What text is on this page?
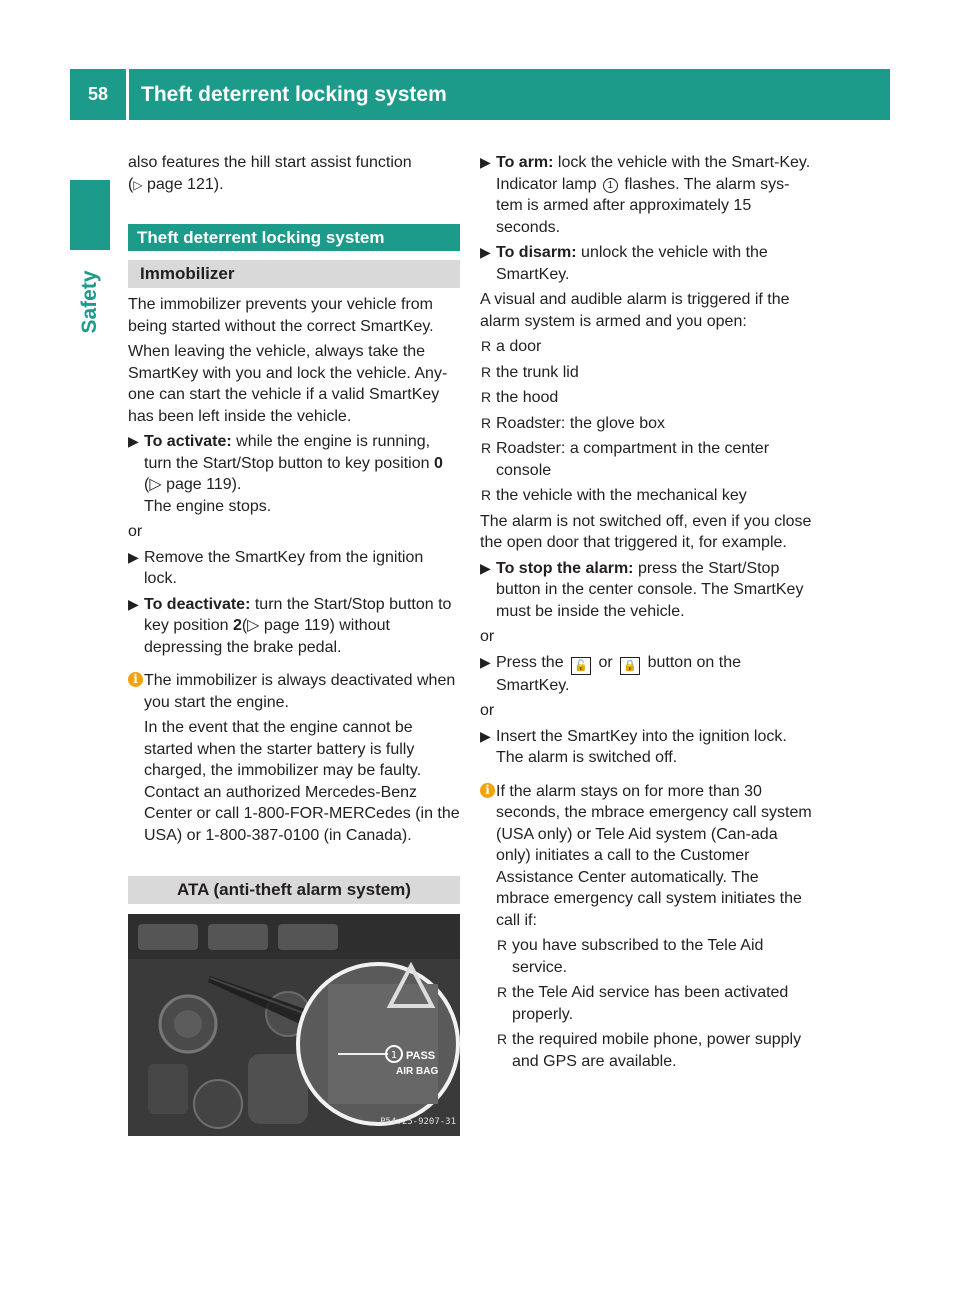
58	Theft deterrent locking system
Safety

also features the hill start assist function
(▷ page 121).

Theft deterrent locking system
Immobilizer

The immobilizer prevents your vehicle from being started without the correct SmartKey.

When leaving the vehicle, always take the SmartKey with you and lock the vehicle. Any-one can start the vehicle if a valid SmartKey has been left inside the vehicle.

▶ To activate: while the engine is running, turn the Start/Stop button to key position 0 (▷ page 119).
The engine stops.

or

▶ Remove the SmartKey from the ignition lock.
▶ To deactivate: turn the Start/Stop button to key position 2(▷ page 119) without depressing the brake pedal.
i The immobilizer is always deactivated when you start the engine.

In the event that the engine cannot be started when the starter battery is fully charged, the immobilizer may be faulty. Contact an authorized Mercedes-Benz Center or call 1-800-FOR-MERCedes (in the USA) or 1-800-387-0100 (in Canada).

ATA (anti-theft alarm system)
1 PASS
AIR BAG
P54.25-9207-31
▶ To arm: lock the vehicle with the Smart-Key.
Indicator lamp 1 flashes. The alarm sys-tem is armed after approximately 15 seconds.
▶ To disarm: unlock the vehicle with the SmartKey.

A visual and audible alarm is triggered if the alarm system is armed and you open:

R a door
R the trunk lid
R the hood
R Roadster: the glove box
R Roadster: a compartment in the center console
R the vehicle with the mechanical key

The alarm is not switched off, even if you close the open door that triggered it, for example.

▶ To stop the alarm: press the Start/Stop button in the center console. The SmartKey must be inside the vehicle.

or

▶ Press the 🔓 or 🔒 button on the SmartKey.

or

▶ Insert the SmartKey into the ignition lock.
The alarm is switched off.
i If the alarm stays on for more than 30 seconds, the mbrace emergency call system (USA only) or Tele Aid system (Can-ada only) initiates a call to the Customer Assistance Center automatically. The mbrace emergency call system initiates the call if:

R you have subscribed to the Tele Aid service.
R the Tele Aid service has been activated properly.
R the required mobile phone, power supply and GPS are available.
